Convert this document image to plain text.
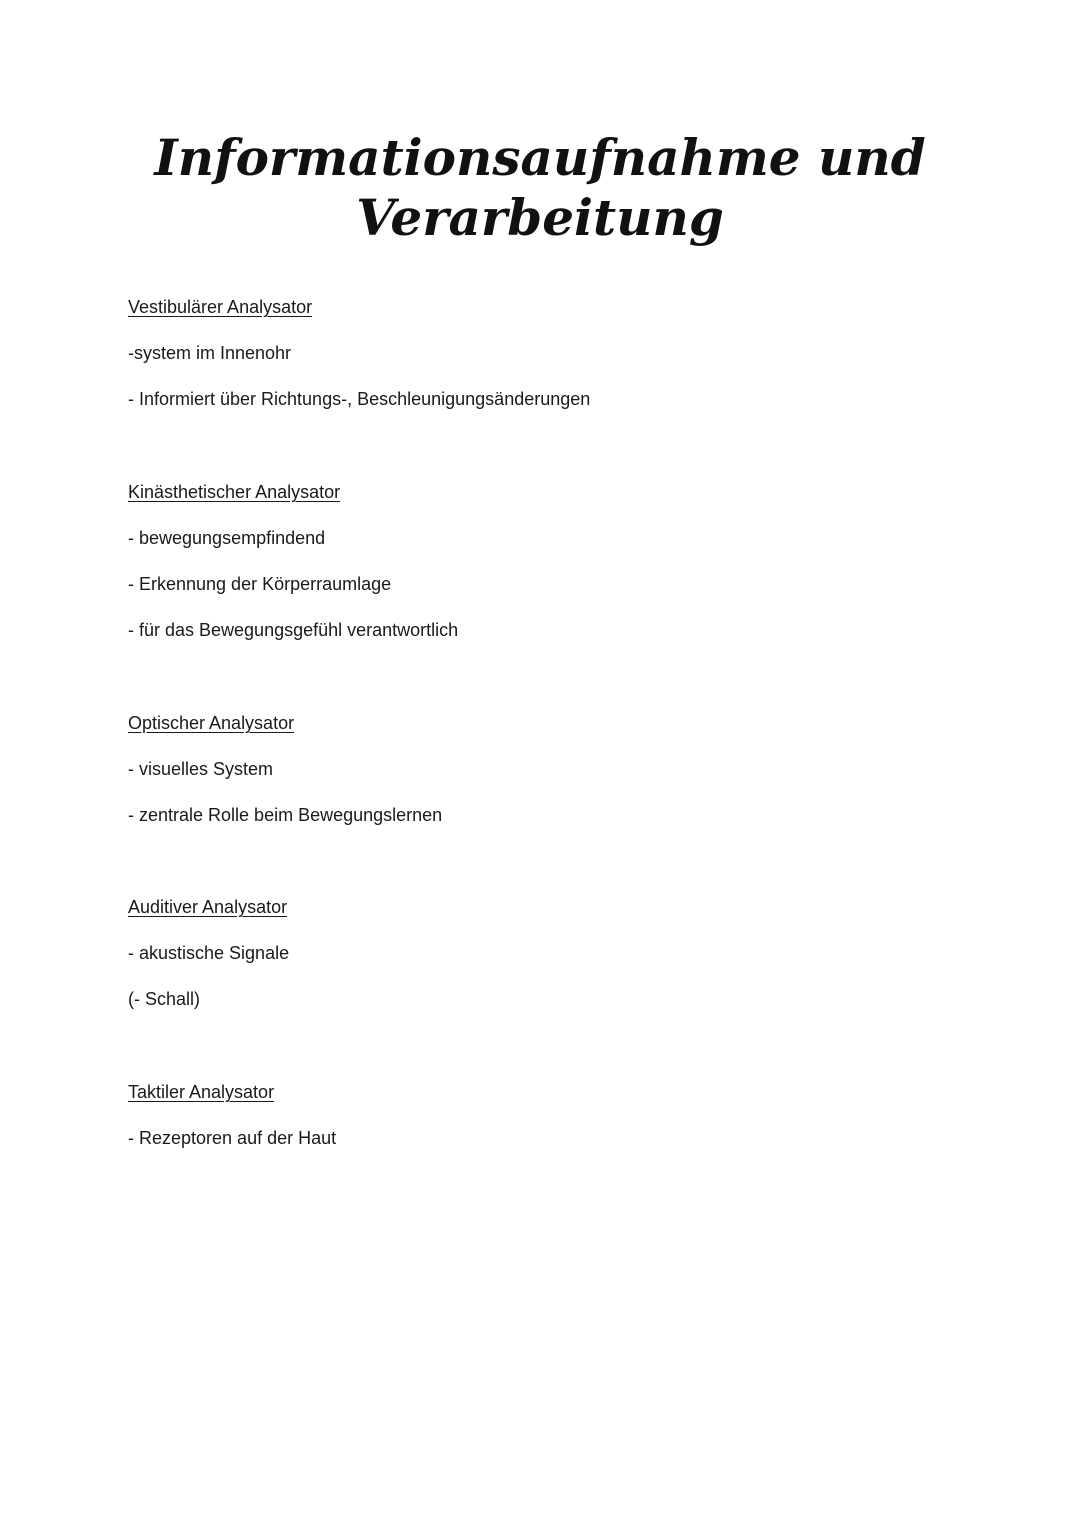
Informationsaufnahme und
Verarbeitung
Vestibulärer Analysator
-system im Innenohr
- Informiert über Richtungs-, Beschleunigungsänderungen
Kinästhetischer Analysator
- bewegungsempfindend
- Erkennung der Körperraumlage
- für das Bewegungsgefühl verantwortlich
Optischer Analysator
- visuelles System
- zentrale Rolle beim Bewegungslernen
Auditiver Analysator
- akustische Signale
(- Schall)
Taktiler Analysator
- Rezeptoren auf der Haut
